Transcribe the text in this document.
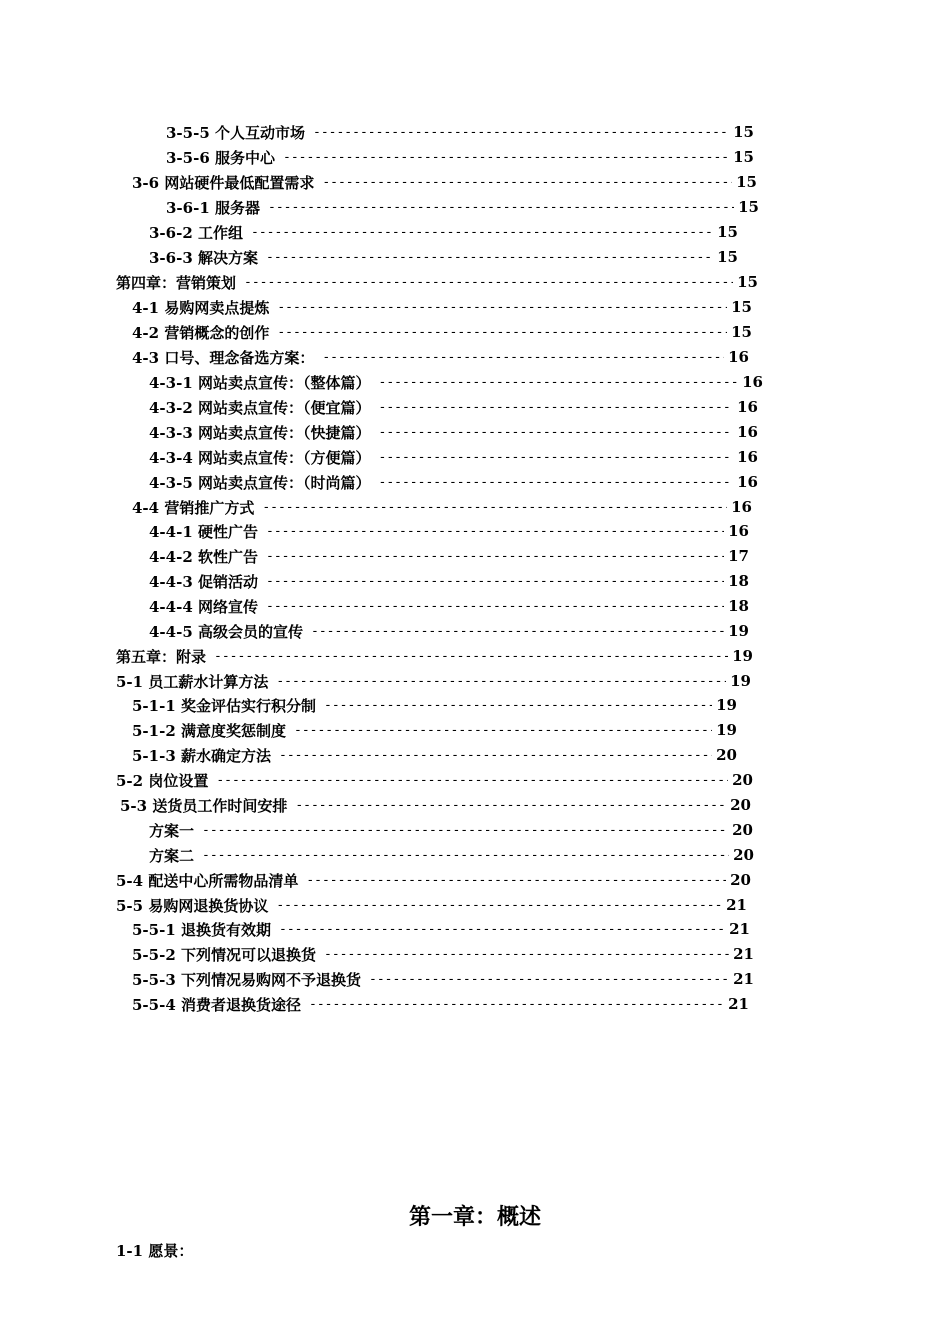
3-5-5 个人互动市场 -----	15
3-5-6 服务中心 -----	15
3-6 网站硬件最低配置需求 -----	15
3-6-1 服务器 -----	15
3-6-2 工作组 -----	15
3-6-3 解决方案 -----	15
第四章：营销策划 -----	15
4-1 易购网卖点提炼 -----	15
4-2 营销概念的创作 -----	15
4-3 口号、理念备选方案： -----	16
4-3-1 网站卖点宣传：（整体篇） -----	16
4-3-2 网站卖点宣传：（便宜篇） -----	16
4-3-3 网站卖点宣传：（快捷篇） -----	16
4-3-4 网站卖点宣传：（方便篇） -----	16
4-3-5 网站卖点宣传：（时尚篇） -----	16
4-4 营销推广方式 -----	16
4-4-1 硬性广告 -----	16
4-4-2 软性广告 -----	17
4-4-3 促销活动 -----	18
4-4-4 网络宣传 -----	18
4-4-5 高级会员的宣传 -----	19
第五章：附录 -----	19
5-1 员工薪水计算方法 -----	19
5-1-1 奖金评估实行积分制 -----	19
5-1-2 满意度奖惩制度 -----	19
5-1-3 薪水确定方法 -----	20
5-2 岗位设置 -----	20
5-3 送货员工作时间安排 -----	20
方案一 -----	20
方案二 -----	20
5-4 配送中心所需物品清单 -----	20
5-5 易购网退换货协议 -----	21
5-5-1 退换货有效期 -----	21
5-5-2 下列情况可以退换货 -----	21
5-5-3 下列情况易购网不予退换货 -----	21
5-5-4 消费者退换货途径 -----	21
第一章：概述
1-1 愿景：
